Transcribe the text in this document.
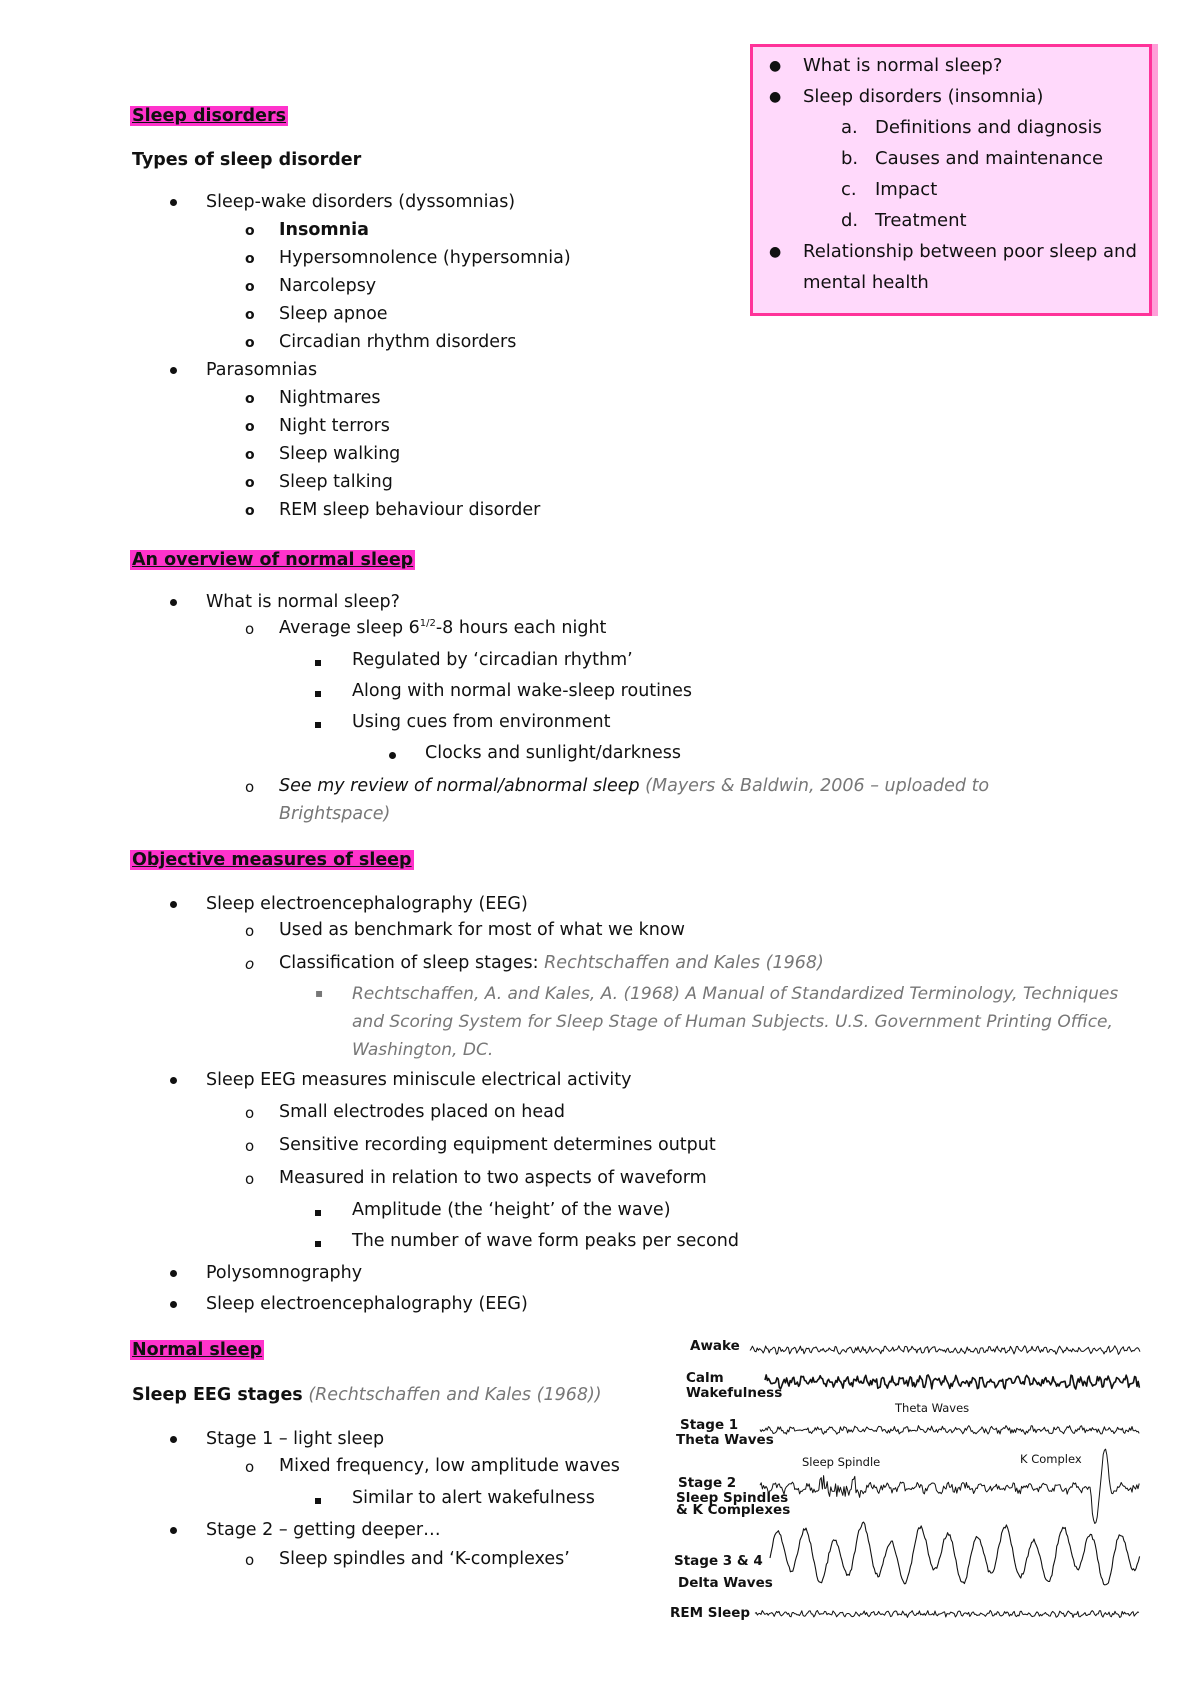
● What is normal sleep?
● Sleep disorders (insomnia)
a. Definitions and diagnosis
b. Causes and maintenance
c. Impact
d. Treatment
● Relationship between poor sleep and
mental health
Sleep disorders
Types of sleep disorder
Sleep-wake disorders (dyssomnias)
o Insomnia
o Hypersomnolence (hypersomnia)
o Narcolepsy
o Sleep apnoe
o Circadian rhythm disorders
Parasomnias
o Nightmares
o Night terrors
o Sleep walking
o Sleep talking
o REM sleep behaviour disorder
An overview of normal sleep
What is normal sleep?
o Average sleep $6^{1/2}-8$ hours each night
Regulated by ‘circadian rhythm’
Along with normal wake-sleep routines
Using cues from environment
Clocks and sunlight/darkness
o See my review of normal/abnormal sleep (Mayers & Baldwin, 2006 – uploaded to
Brightspace)
Objective measures of sleep
Sleep electroencephalography (EEG)
o Used as benchmark for most of what we know
o Classification of sleep stages: Rechtschaffen and Kales (1968)
▪ Rechtschaffen, A. and Kales, A. (1968) A Manual of Standardized Terminology, Techniques
and Scoring System for Sleep Stage of Human Subjects. U.S. Government Printing Office,
Washington, DC.
Sleep EEG measures miniscule electrical activity
o Small electrodes placed on head
o Sensitive recording equipment determines output
o Measured in relation to two aspects of waveform
Amplitude (the ‘height’ of the wave)
The number of wave form peaks per second
Polysomnography
Sleep electroencephalography (EEG)
Normal sleep
Sleep EEG stages (Rechtschaffen and Kales (1968))
Stage 1 – light sleep
o Mixed frequency, low amplitude waves
Similar to alert wakefulness
Stage 2 – getting deeper…
o Sleep spindles and ‘K-complexes’
Awake
Calm
Wakefulness
Theta Waves
Stage 1
Theta Waves
Sleep Spindle	K Complex
Stage 2
Sleep Spindles
& K Complexes
Stage 3 & 4
Delta Waves
REM Sleep
